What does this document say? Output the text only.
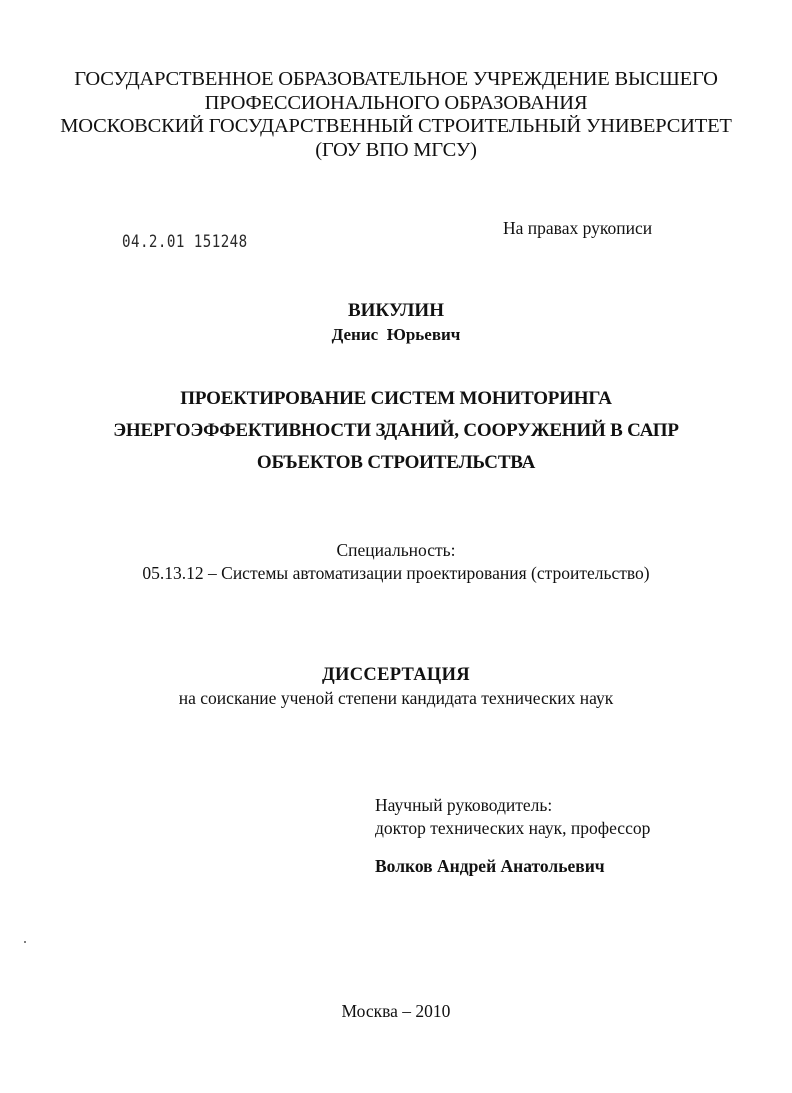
ГОСУДАРСТВЕННОЕ ОБРАЗОВАТЕЛЬНОЕ УЧРЕЖДЕНИЕ ВЫСШЕГО
ПРОФЕССИОНАЛЬНОГО ОБРАЗОВАНИЯ
МОСКОВСКИЙ ГОСУДАРСТВЕННЫЙ СТРОИТЕЛЬНЫЙ УНИВЕРСИТЕТ
(ГОУ ВПО МГСУ)
04.2.01 151248
На правах рукописи
ВИКУЛИН
Денис  Юрьевич
ПРОЕКТИРОВАНИЕ СИСТЕМ МОНИТОРИНГА
ЭНЕРГОЭФФЕКТИВНОСТИ ЗДАНИЙ, СООРУЖЕНИЙ В САПР
ОБЪЕКТОВ СТРОИТЕЛЬСТВА
Специальность:
05.13.12 – Системы автоматизации проектирования (строительство)
ДИССЕРТАЦИЯ
на соискание ученой степени кандидата технических наук
Научный руководитель:
доктор технических наук, профессор
Волков Андрей Анатольевич
Москва – 2010
